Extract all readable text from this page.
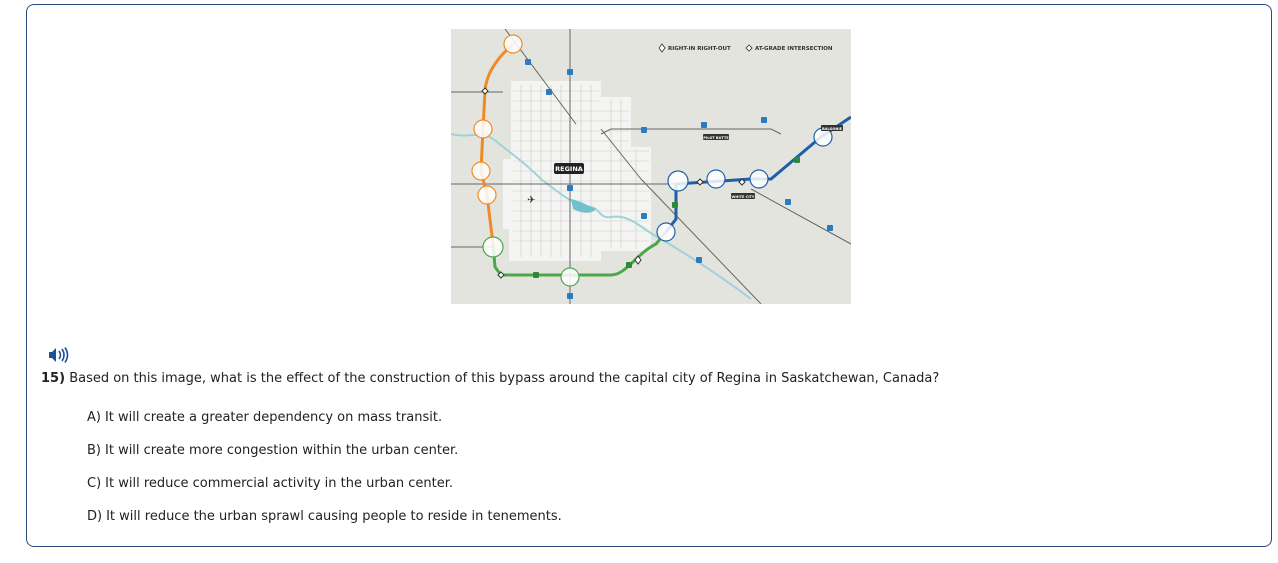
✈
REGINA
PILOT BUTTE
WHITE CITY
BALGONIE
RIGHT-IN RIGHT-OUT	AT-GRADE INTERSECTION
15) Based on this image, what is the effect of the construction of this bypass around the capital city of Regina in Saskatchewan, Canada?
A) It will create a greater dependency on mass transit.
B) It will create more congestion within the urban center.
C) It will reduce commercial activity in the urban center.
D) It will reduce the urban sprawl causing people to reside in tenements.
